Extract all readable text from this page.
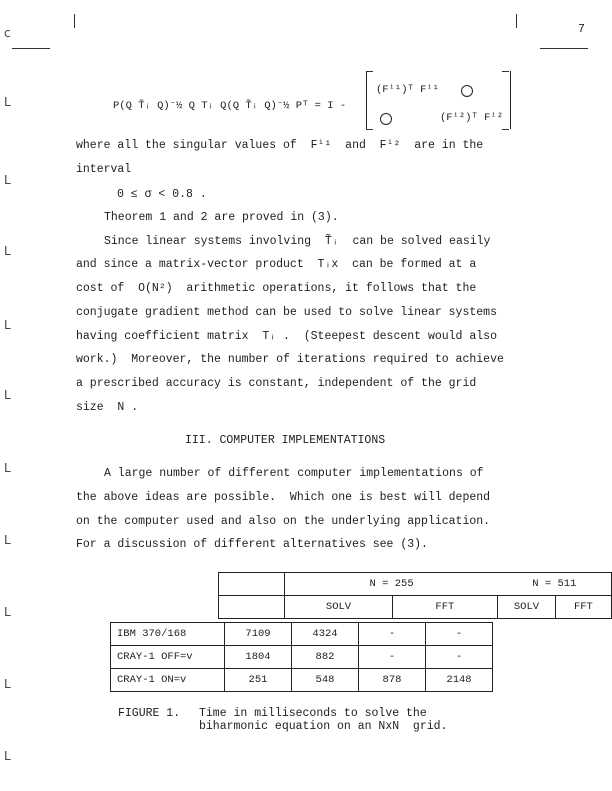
7
c
L
L
L
L
L
L
L
L
L
L
P(Q T̃ᵢ Q)⁻½ Q Tᵢ Q(Q T̃ᵢ Q)⁻½ Pᵀ = I -
(Fⁱ¹)ᵀ Fⁱ¹
(Fⁱ²)ᵀ Fⁱ²
where all the singular values of  Fⁱ¹  and  Fⁱ²  are in the
interval
0 ≤ σ < 0.8 .
Theorem 1 and 2 are proved in (3).
Since linear systems involving  T̃ᵢ  can be solved easily
and since a matrix-vector product  Tᵢx  can be formed at a
cost of  O(N²)  arithmetic operations, it follows that the
conjugate gradient method can be used to solve linear systems
having coefficient matrix  Tᵢ .  (Steepest descent would also
work.)  Moreover, the number of iterations required to achieve
a prescribed accuracy is constant, independent of the grid
size  N .
III. COMPUTER IMPLEMENTATIONS
A large number of different computer implementations of
the above ideas are possible.  Which one is best will depend
on the computer used and also on the underlying application.
For a discussion of different alternatives see (3).
	N = 255		N = 511	
	SOLV	FFT	SOLV	FFT
IBM 370/168	7109	4324	-	-
CRAY-1 OFF=v	1804	882	-	-
CRAY-1 ON=v	251	548	878	2148
FIGURE 1. Time in milliseconds to solve the
biharmonic equation on an NxN  grid.
